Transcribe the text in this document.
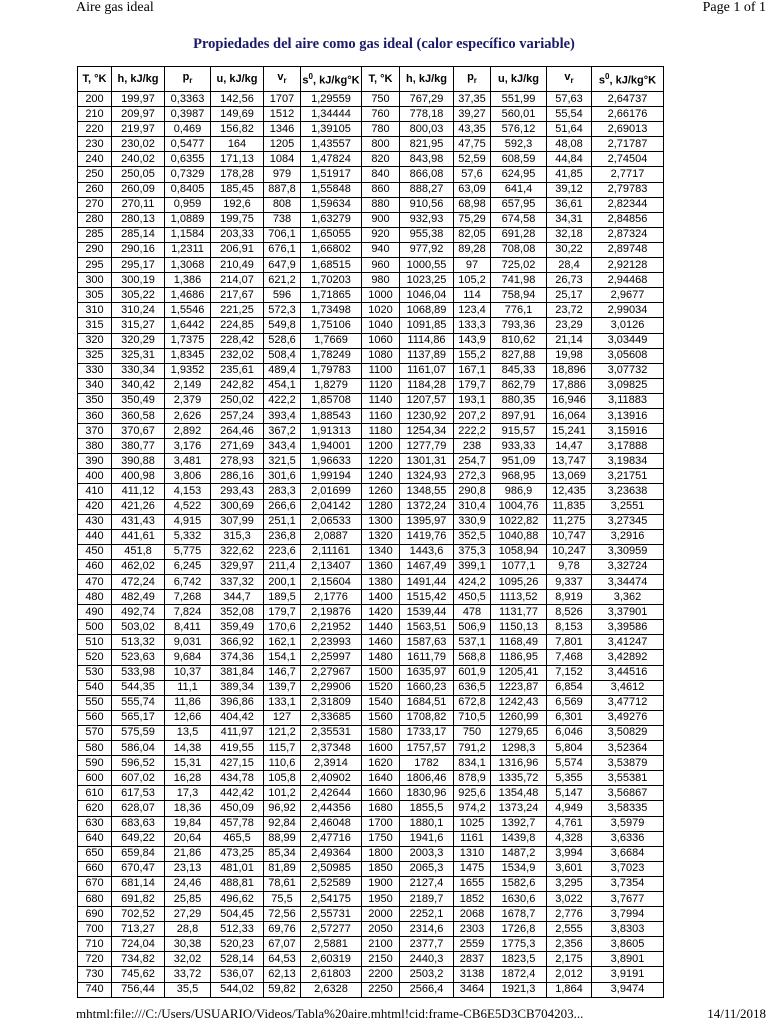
Aire gas ideal	Page 1 of 1
Propiedades del aire como gas ideal (calor específico variable)
T, °K	h, kJ/kg	$p_r$	u, kJ/kg	$v_r$	$s^0$, kJ/kg°K	T, °K	h, kJ/kg	$p_r$	u, kJ/kg	$v_r$	$s^0$, kJ/kg°K
200	199,97	0,3363	142,56	1707	1,29559	750	767,29	37,35	551,99	57,63	2,64737
210	209,97	0,3987	149,69	1512	1,34444	760	778,18	39,27	560,01	55,54	2,66176
220	219,97	0,469	156,82	1346	1,39105	780	800,03	43,35	576,12	51,64	2,69013
230	230,02	0,5477	164	1205	1,43557	800	821,95	47,75	592,3	48,08	2,71787
240	240,02	0,6355	171,13	1084	1,47824	820	843,98	52,59	608,59	44,84	2,74504
250	250,05	0,7329	178,28	979	1,51917	840	866,08	57,6	624,95	41,85	2,7717
260	260,09	0,8405	185,45	887,8	1,55848	860	888,27	63,09	641,4	39,12	2,79783
270	270,11	0,959	192,6	808	1,59634	880	910,56	68,98	657,95	36,61	2,82344
280	280,13	1,0889	199,75	738	1,63279	900	932,93	75,29	674,58	34,31	2,84856
285	285,14	1,1584	203,33	706,1	1,65055	920	955,38	82,05	691,28	32,18	2,87324
290	290,16	1,2311	206,91	676,1	1,66802	940	977,92	89,28	708,08	30,22	2,89748
295	295,17	1,3068	210,49	647,9	1,68515	960	1000,55	97	725,02	28,4	2,92128
300	300,19	1,386	214,07	621,2	1,70203	980	1023,25	105,2	741,98	26,73	2,94468
305	305,22	1,4686	217,67	596	1,71865	1000	1046,04	114	758,94	25,17	2,9677
310	310,24	1,5546	221,25	572,3	1,73498	1020	1068,89	123,4	776,1	23,72	2,99034
315	315,27	1,6442	224,85	549,8	1,75106	1040	1091,85	133,3	793,36	23,29	3,0126
320	320,29	1,7375	228,42	528,6	1,7669	1060	1114,86	143,9	810,62	21,14	3,03449
325	325,31	1,8345	232,02	508,4	1,78249	1080	1137,89	155,2	827,88	19,98	3,05608
330	330,34	1,9352	235,61	489,4	1,79783	1100	1161,07	167,1	845,33	18,896	3,07732
340	340,42	2,149	242,82	454,1	1,8279	1120	1184,28	179,7	862,79	17,886	3,09825
350	350,49	2,379	250,02	422,2	1,85708	1140	1207,57	193,1	880,35	16,946	3,11883
360	360,58	2,626	257,24	393,4	1,88543	1160	1230,92	207,2	897,91	16,064	3,13916
370	370,67	2,892	264,46	367,2	1,91313	1180	1254,34	222,2	915,57	15,241	3,15916
380	380,77	3,176	271,69	343,4	1,94001	1200	1277,79	238	933,33	14,47	3,17888
390	390,88	3,481	278,93	321,5	1,96633	1220	1301,31	254,7	951,09	13,747	3,19834
400	400,98	3,806	286,16	301,6	1,99194	1240	1324,93	272,3	968,95	13,069	3,21751
410	411,12	4,153	293,43	283,3	2,01699	1260	1348,55	290,8	986,9	12,435	3,23638
420	421,26	4,522	300,69	266,6	2,04142	1280	1372,24	310,4	1004,76	11,835	3,2551
430	431,43	4,915	307,99	251,1	2,06533	1300	1395,97	330,9	1022,82	11,275	3,27345
440	441,61	5,332	315,3	236,8	2,0887	1320	1419,76	352,5	1040,88	10,747	3,2916
450	451,8	5,775	322,62	223,6	2,11161	1340	1443,6	375,3	1058,94	10,247	3,30959
460	462,02	6,245	329,97	211,4	2,13407	1360	1467,49	399,1	1077,1	9,78	3,32724
470	472,24	6,742	337,32	200,1	2,15604	1380	1491,44	424,2	1095,26	9,337	3,34474
480	482,49	7,268	344,7	189,5	2,1776	1400	1515,42	450,5	1113,52	8,919	3,362
490	492,74	7,824	352,08	179,7	2,19876	1420	1539,44	478	1131,77	8,526	3,37901
500	503,02	8,411	359,49	170,6	2,21952	1440	1563,51	506,9	1150,13	8,153	3,39586
510	513,32	9,031	366,92	162,1	2,23993	1460	1587,63	537,1	1168,49	7,801	3,41247
520	523,63	9,684	374,36	154,1	2,25997	1480	1611,79	568,8	1186,95	7,468	3,42892
530	533,98	10,37	381,84	146,7	2,27967	1500	1635,97	601,9	1205,41	7,152	3,44516
540	544,35	11,1	389,34	139,7	2,29906	1520	1660,23	636,5	1223,87	6,854	3,4612
550	555,74	11,86	396,86	133,1	2,31809	1540	1684,51	672,8	1242,43	6,569	3,47712
560	565,17	12,66	404,42	127	2,33685	1560	1708,82	710,5	1260,99	6,301	3,49276
570	575,59	13,5	411,97	121,2	2,35531	1580	1733,17	750	1279,65	6,046	3,50829
580	586,04	14,38	419,55	115,7	2,37348	1600	1757,57	791,2	1298,3	5,804	3,52364
590	596,52	15,31	427,15	110,6	2,3914	1620	1782	834,1	1316,96	5,574	3,53879
600	607,02	16,28	434,78	105,8	2,40902	1640	1806,46	878,9	1335,72	5,355	3,55381
610	617,53	17,3	442,42	101,2	2,42644	1660	1830,96	925,6	1354,48	5,147	3,56867
620	628,07	18,36	450,09	96,92	2,44356	1680	1855,5	974,2	1373,24	4,949	3,58335
630	683,63	19,84	457,78	92,84	2,46048	1700	1880,1	1025	1392,7	4,761	3,5979
640	649,22	20,64	465,5	88,99	2,47716	1750	1941,6	1161	1439,8	4,328	3,6336
650	659,84	21,86	473,25	85,34	2,49364	1800	2003,3	1310	1487,2	3,994	3,6684
660	670,47	23,13	481,01	81,89	2,50985	1850	2065,3	1475	1534,9	3,601	3,7023
670	681,14	24,46	488,81	78,61	2,52589	1900	2127,4	1655	1582,6	3,295	3,7354
680	691,82	25,85	496,62	75,5	2,54175	1950	2189,7	1852	1630,6	3,022	3,7677
690	702,52	27,29	504,45	72,56	2,55731	2000	2252,1	2068	1678,7	2,776	3,7994
700	713,27	28,8	512,33	69,76	2,57277	2050	2314,6	2303	1726,8	2,555	3,8303
710	724,04	30,38	520,23	67,07	2,5881	2100	2377,7	2559	1775,3	2,356	3,8605
720	734,82	32,02	528,14	64,53	2,60319	2150	2440,3	2837	1823,5	2,175	3,8901
730	745,62	33,72	536,07	62,13	2,61803	2200	2503,2	3138	1872,4	2,012	3,9191
740	756,44	35,5	544,02	59,82	2,6328	2250	2566,4	3464	1921,3	1,864	3,9474
mhtml:file:///C:/Users/USUARIO/Videos/Tabla%20aire.mhtml!cid:frame-CB6E5D3CB704203...	14/11/2018
